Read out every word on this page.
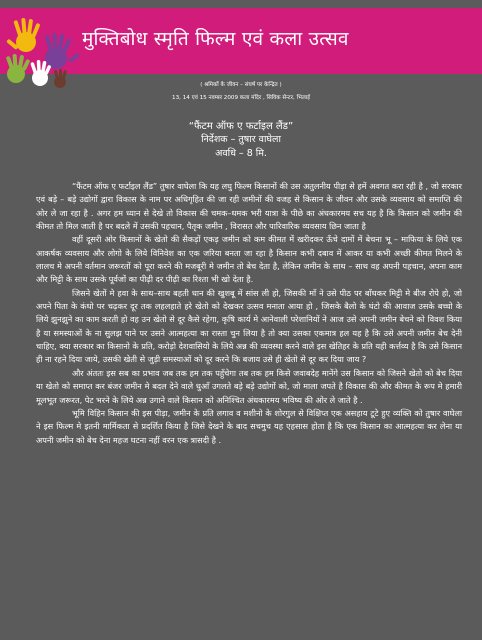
मुक्तिबोध स्मृति फिल्म एवं कला उत्सव
( श्रमिकों के जीवन – संघर्ष पर केन्द्रित )
13, 14 एवं 15 नवम्बर 2009 कला मंदिर , सिविक सेन्टर, भिलाई
“फैंटम ऑफ ए फर्टाइल लैंड”
निर्देशक – तुषार वाघेला
अवधि – 8 मि.

“फैंटम ऑफ ए फर्टाइल लैंड” तुषार वाघेला कि यह लघु फिल्म किसानों की उस अतुलनीय पीड़ा से हमें अवगत करा रही है , जो सरकार एवं बड़े – बड़े उद्योगों द्वारा विकास के नाम पर अधिगृहित की जा रही जमीनों की वजह से किसान के जीवन और उसके व्यवसाय को समाप्ति की ओर ले जा रहा है . अगर हम ध्यान से देखे तो विकास की चमक–धमक भरी यात्रा के पीछे का अंधकारमय सच यह है कि किसान को जमीन की कीमत तो मिल जाती है पर बदले में उसकी पहचान, पैतृक जमीन , विरासत और पारिवारिक व्यवसाय छिन जाता है

वहीं दूसरी ओर किसानों के खेतो की सैकड़ों एकड़ जमीन को कम कीमत में खरीदकर ऊँचे दामों में बेचना भू – माफिया के लिये एक आकर्षक व्यवसाय और लोगो के लिये विनिवेश का एक जरिया बनता जा रहा है किसान कभी दबाव में आकर या कभी अच्छी कीमत मिलने के लालच मे अपनी वर्तमान जरूरतों को पूरा करने की मजबूरी मे जमीन तो बेच देता है, लेकिन जमीन के साथ – साथ वह अपनी पहचान, अपना काम और मिट्टी के साथ उसके पूर्वजों का पीढ़ी दर पीढ़ी का रिश्ता भी खो देता है.

जिसने खेतों मे हवा के साथ–साथ बहती धान की खुशबू में सांस ली हो, जिसकी माँ ने उसे पीठ पर बाँधकर मिट्टी मे बीज रोपे हो, जो अपने पिता के कंधो पर चढ़कर दूर तक लहलहाते हरे खेतो को देखकर उत्सव मनाता आया हो , जिसके बैलो के घंटो की आवाज उसके बच्चो के लिये झुनझुने का काम करती हो वह उन खेतो से दूर कैसे रहेगा, कृषि कार्य मे आनेवाली परेशानियों ने आज उसे अपनी जमीन बेचने को विवश किया है या समस्याओं के ना सुलझ पाने पर उसने आत्महत्या का रास्ता चुन लिया है तो क्या उसका एकमात्र हल यह है कि उसे अपनी जमीन बेच देनी चाहिए, क्या सरकार का किसानो के प्रति, करोड़ो देशवासियो के लिये अन्न की व्यवस्था करने वाले इस खेतिहर के प्रति यही कर्त्तव्य है कि उसे किसान ही ना रहने दिया जाये, उसकी खेती से जुड़ी समस्याओं को दूर करने कि बजाय उसे ही खेतो से दूर कर दिया जाय ?

और अंततः इस सब का प्रभाव जब तक हम तक पहुँचेगा तब तक हम किसे जवाबदेह मानेंगे उस किसान को जिसने खेतो को बेच दिया या खेतो को समाप्त कर बंजर जमीन मे बदल देने वाले धुआँ उगलते बड़े बड़े उद्योगों को, जो माला जपते है विकास की और कीमत के रूप मे हमारी मूलभूत जरूरत, पेट भरने के लिये अन्न उगाने वाले किसान को अनिश्चित अंधकारमय भविष्य की ओर ले जाते है .

भूमि विहिन किसान की इस पीड़ा, जमीन के प्रति लगाव व मशीनो के शोरगुल से विक्षिप्त एक असहाय टूटे हुए व्यक्ति को तुषार वाघेला ने इस फिल्म मे इतनी मार्मिकता से प्रदर्शित किया है जिसे देखने के बाद सचमुच यह एहसास होता है कि एक किसान का आत्महत्या कर लेना या अपनी जमीन को बेच देना महज घटना नहीं वरन एक त्रासदी है .
